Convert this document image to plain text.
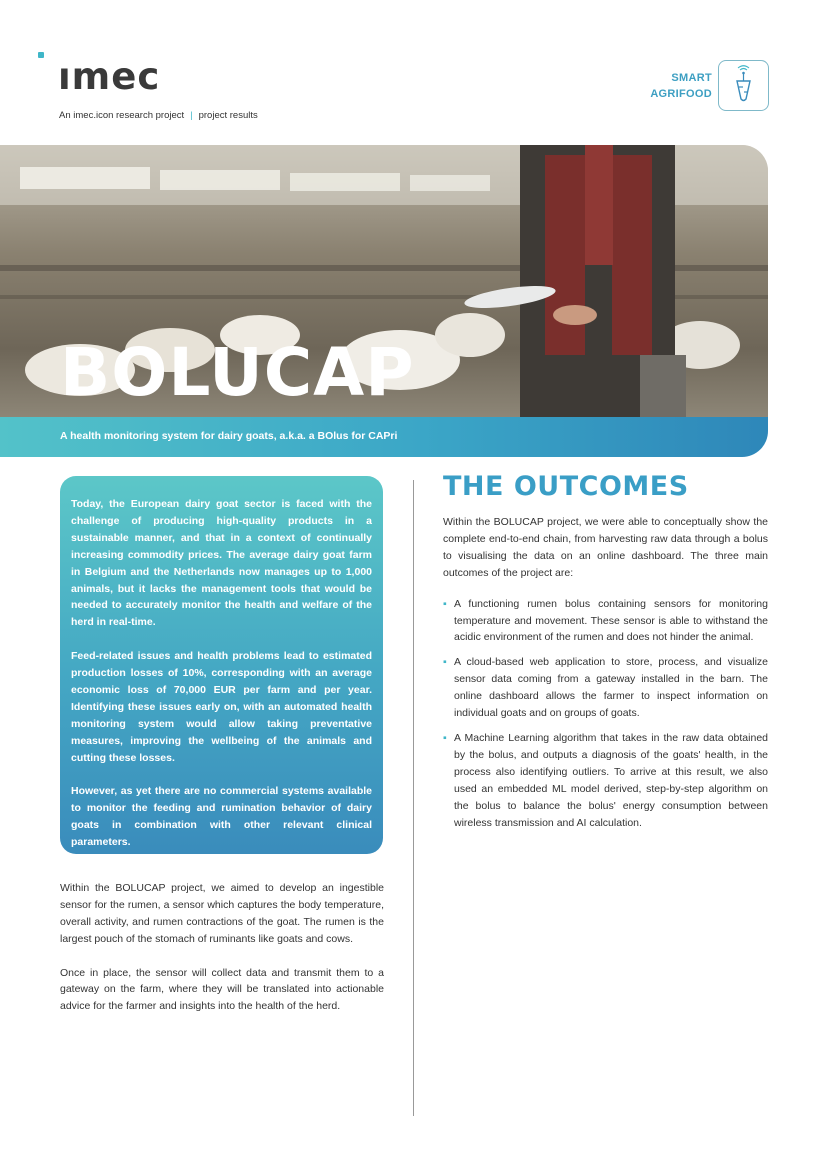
ımec
An imec.icon research project | project results
SMART
AGRIFOOD
BOLUCAP
A health monitoring system for dairy goats, a.k.a. a BOlus for CAPri

Today, the European dairy goat sector is faced with the challenge of producing high-quality products in a sustainable manner, and that in a context of continually increasing commodity prices. The average dairy goat farm in Belgium and the Netherlands now manages up to 1,000 animals, but it lacks the management tools that would be needed to accurately monitor the health and welfare of the herd in real-time.

Feed-related issues and health problems lead to estimated production losses of 10%, corresponding with an average economic loss of 70,000 EUR per farm and per year. Identifying these issues early on, with an automated health monitoring system would allow taking preventative measures, improving the wellbeing of the animals and cutting these losses.

However, as yet there are no commercial systems available to monitor the feeding and rumination behavior of dairy goats in combination with other relevant clinical parameters.

Within the BOLUCAP project, we aimed to develop an ingestible sensor for the rumen, a sensor which captures the body temperature, overall activity, and rumen contractions of the goat. The rumen is the largest pouch of the stomach of ruminants like goats and cows.

Once in place, the sensor will collect data and transmit them to a gateway on the farm, where they will be translated into actionable advice for the farmer and insights into the health of the herd.

THE OUTCOMES

Within the BOLUCAP project, we were able to conceptually show the complete end-to-end chain, from harvesting raw data through a bolus to visualising the data on an online dashboard. The three main outcomes of the project are:

▪ A functioning rumen bolus containing sensors for monitoring temperature and movement. These sensor is able to withstand the acidic environment of the rumen and does not hinder the animal.
▪ A cloud-based web application to store, process, and visualize sensor data coming from a gateway installed in the barn. The online dashboard allows the farmer to inspect information on individual goats and on groups of goats.
▪ A Machine Learning algorithm that takes in the raw data obtained by the bolus, and outputs a diagnosis of the goats' health, in the process also identifying outliers. To arrive at this result, we also used an embedded ML model derived, step-by-step algorithm on the bolus to balance the bolus' energy consumption between wireless transmission and AI calculation.
